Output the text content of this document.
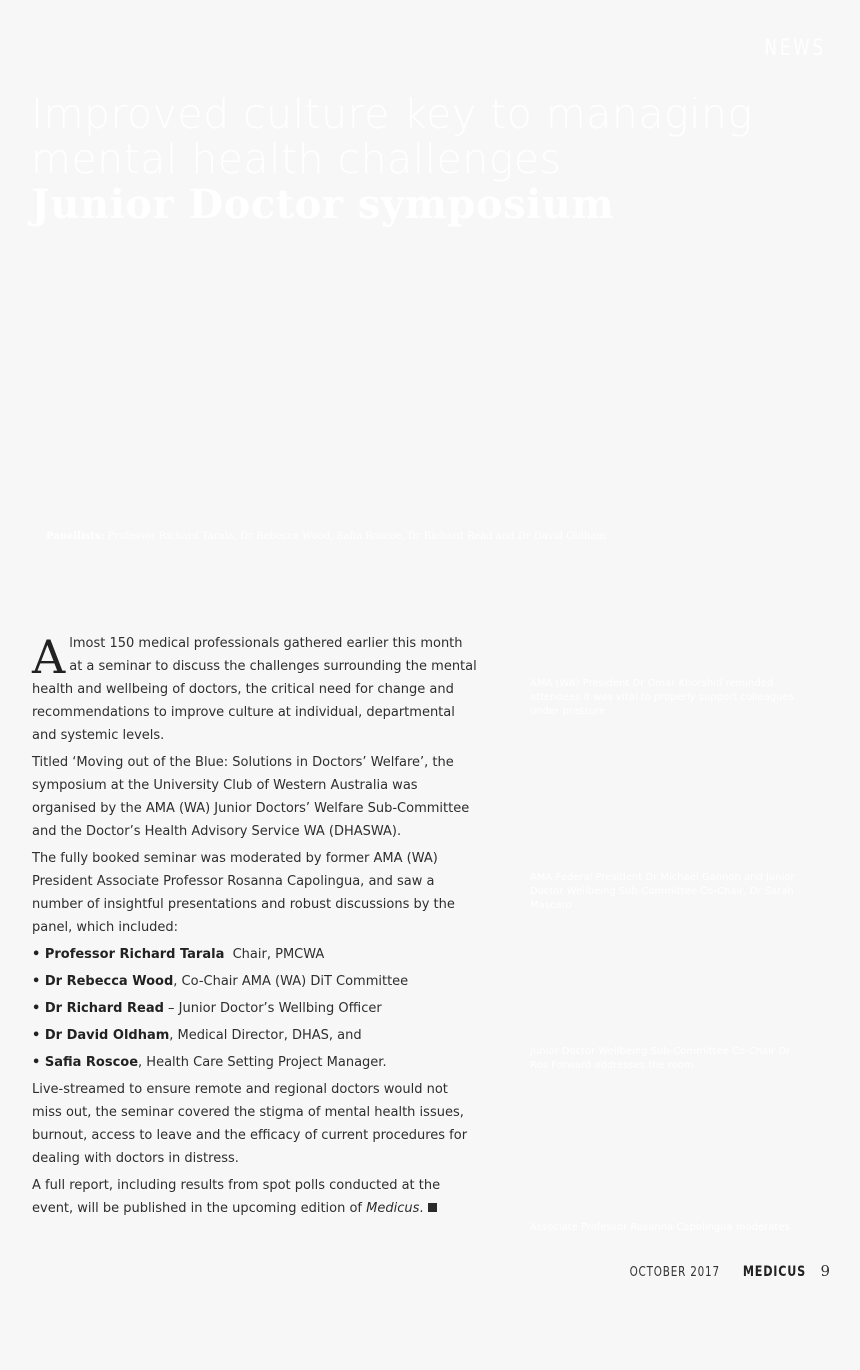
NEWS
Improved culture key to managing
mental health challenges
Junior Doctor symposium
Panellists: Professor Richard Tarala, Dr Rebecca Wood, Safia Roscoe, Dr Richard Read and Dr David Oldham

Almost 150 medical professionals gathered earlier this month at a seminar to discuss the challenges surrounding the mental health and wellbeing of doctors, the critical need for change and recommendations to improve culture at individual, departmental and systemic levels.

Titled ‘Moving out of the Blue: Solutions in Doctors’ Welfare’, the symposium at the University Club of Western Australia was organised by the AMA (WA) Junior Doctors’ Welfare Sub-Committee and the Doctor’s Health Advisory Service WA (DHASWA).

The fully booked seminar was moderated by former AMA (WA) President Associate Professor Rosanna Capolingua, and saw a number of insightful presentations and robust discussions by the panel, which included:

• Professor Richard Tarala  Chair, PMCWA

• Dr Rebecca Wood, Co-Chair AMA (WA) DiT Committee

• Dr Richard Read – Junior Doctor’s Wellbing Officer

• Dr David Oldham, Medical Director, DHAS, and

• Safia Roscoe, Health Care Setting Project Manager.

Live-streamed to ensure remote and regional doctors would not miss out, the seminar covered the stigma of mental health issues, burnout, access to leave and the efficacy of current procedures for dealing with doctors in distress.

A full report, including results from spot polls conducted at the event, will be published in the upcoming edition of Medicus.

AMA (WA) President Dr Omar Khorshid reminded attendees it was vital to properly support colleagues under pressure
AMA Federal President Dr Michael Gannon and Junior Doctor Wellbeing Sub-Committee Co-Chair, Dr Sarah Mascaro
Junior Doctor Wellbeing Sub-Committee Co-Chair Dr Ros Forward addresses the room
Associate Professor Rosanna Capolingua moderates
OCTOBER 2017 MEDICUS 9
